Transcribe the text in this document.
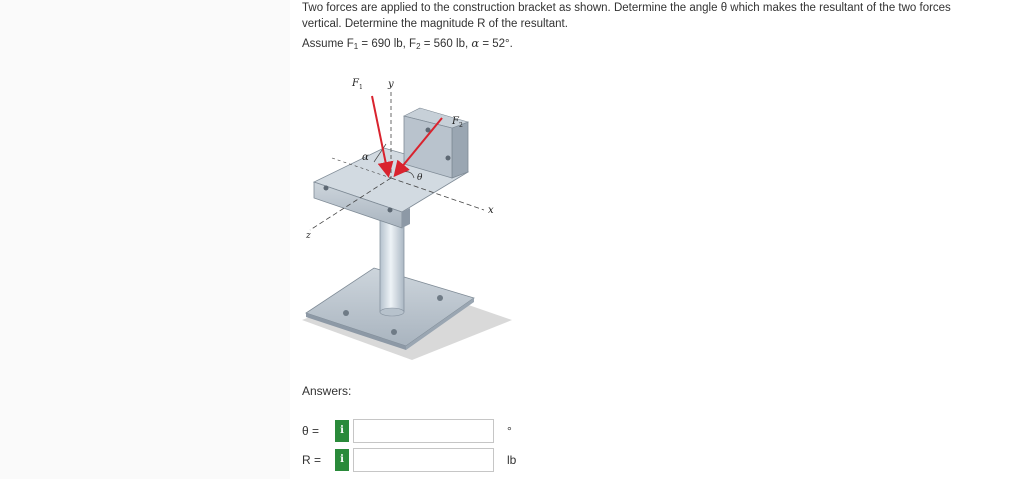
Two forces are applied to the construction bracket as shown. Determine the angle θ which makes the resultant of the two forces
vertical. Determine the magnitude R of the resultant.
Assume $F_1 = 690$ lb, $F_2 = 560$ lb, α = 52°.
F 1	y
F 2
x
z
α
θ
Answers:
θ =	i	°
R =	i	lb
